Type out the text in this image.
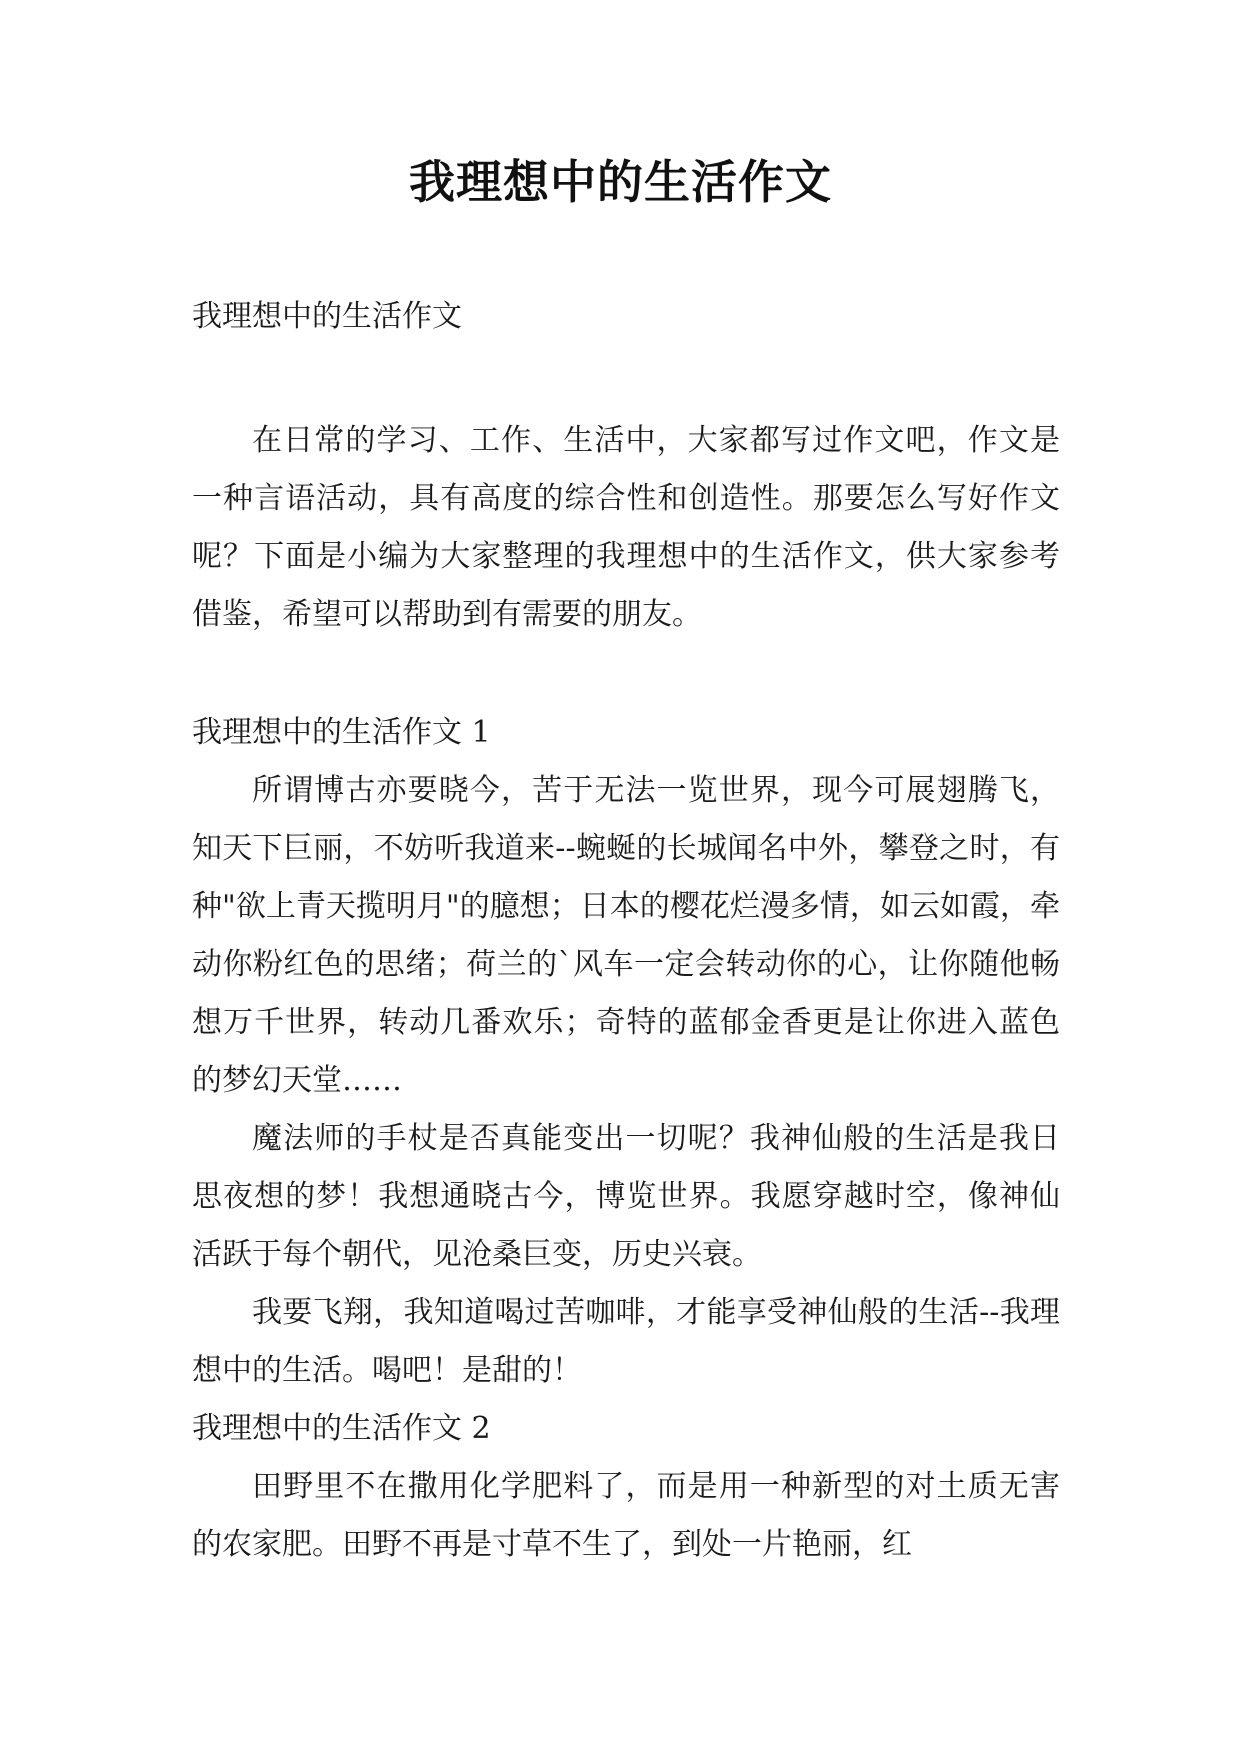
我理想中的生活作文

我理想中的生活作文

在日常的学习、工作、生活中，大家都写过作文吧，作文是一种言语活动，具有高度的综合性和创造性。那要怎么写好作文呢？下面是小编为大家整理的我理想中的生活作文，供大家参考借鉴，希望可以帮助到有需要的朋友。

我理想中的生活作文 1

所谓博古亦要晓今，苦于无法一览世界，现今可展翅腾飞，知天下巨丽，不妨听我道来--蜿蜒的长城闻名中外，攀登之时，有种"欲上青天揽明月"的臆想；日本的樱花烂漫多情，如云如霞，牵动你粉红色的思绪；荷兰的`风车一定会转动你的心，让你随他畅想万千世界，转动几番欢乐；奇特的蓝郁金香更是让你进入蓝色的梦幻天堂……

魔法师的手杖是否真能变出一切呢？我神仙般的生活是我日思夜想的梦！我想通晓古今，博览世界。我愿穿越时空，像神仙活跃于每个朝代，见沧桑巨变，历史兴衰。

我要飞翔，我知道喝过苦咖啡，才能享受神仙般的生活--我理想中的生活。喝吧！是甜的！

我理想中的生活作文 2

田野里不在撒用化学肥料了，而是用一种新型的对土质无害的农家肥。田野不再是寸草不生了，到处一片艳丽，红
